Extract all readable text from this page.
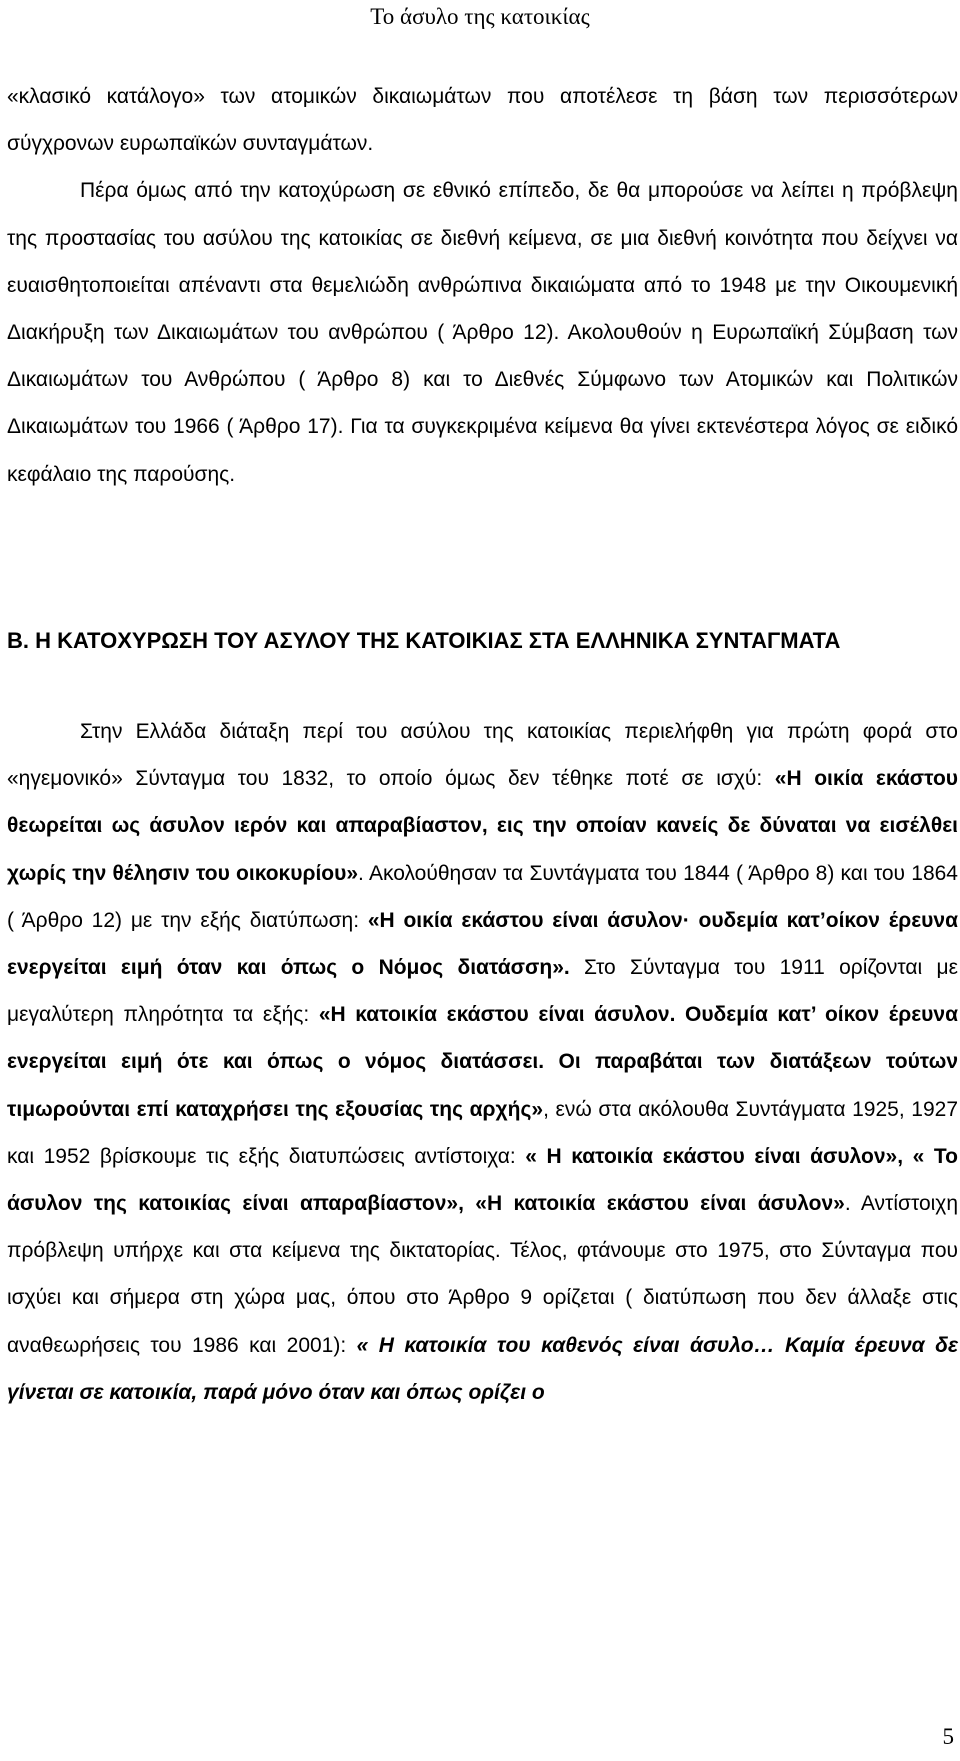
Το άσυλο της κατοικίας

«κλασικό κατάλογο» των ατομικών δικαιωμάτων που αποτέλεσε τη βάση των περισσότερων σύγχρονων ευρωπαϊκών συνταγμάτων.
Πέρα όμως από την κατοχύρωση σε εθνικό επίπεδο, δε θα μπορούσε να λείπει η πρόβλεψη της προστασίας του ασύλου της κατοικίας σε διεθνή κείμενα, σε μια διεθνή κοινότητα που δείχνει να ευαισθητοποιείται απέναντι στα θεμελιώδη ανθρώπινα δικαιώματα από το 1948 με την Οικουμενική Διακήρυξη των Δικαιωμάτων του ανθρώπου ( Άρθρο 12). Ακολουθούν η Ευρωπαϊκή Σύμβαση των Δικαιωμάτων του Ανθρώπου ( Άρθρο 8) και το Διεθνές Σύμφωνο των Ατομικών και Πολιτικών Δικαιωμάτων του 1966 ( Άρθρο 17). Για τα συγκεκριμένα κείμενα θα γίνει εκτενέστερα λόγος σε ειδικό κεφάλαιο της παρούσης.

Β. Η ΚΑΤΟΧΥΡΩΣΗ ΤΟΥ ΑΣΥΛΟΥ ΤΗΣ ΚΑΤΟΙΚΙΑΣ ΣΤΑ ΕΛΛΗΝΙΚΑ ΣΥΝΤΑΓΜΑΤΑ

Στην Ελλάδα διάταξη περί του ασύλου της κατοικίας περιελήφθη για πρώτη φορά στο «ηγεμονικό» Σύνταγμα του 1832, το οποίο όμως δεν τέθηκε ποτέ σε ισχύ: «Η οικία εκάστου θεωρείται ως άσυλον ιερόν και απαραβίαστον, εις την οποίαν κανείς δε δύναται να εισέλθει χωρίς την θέλησιν του οικοκυρίου». Ακολούθησαν τα Συντάγματα του 1844 ( Άρθρο 8) και του 1864 ( Άρθρο 12) με την εξής διατύπωση: «Η οικία εκάστου είναι άσυλον· ουδεμία κατ’οίκον έρευνα ενεργείται ειμή όταν και όπως ο Νόμος διατάσση». Στο Σύνταγμα του 1911 ορίζονται με μεγαλύτερη πληρότητα τα εξής: «Η κατοικία εκάστου είναι άσυλον. Ουδεμία κατ’ οίκον έρευνα ενεργείται ειμή ότε και όπως ο νόμος διατάσσει. Οι παραβάται των διατάξεων τούτων τιμωρούνται επί καταχρήσει της εξουσίας της αρχής», ενώ στα ακόλουθα Συντάγματα 1925, 1927 και 1952 βρίσκουμε τις εξής διατυπώσεις αντίστοιχα: « Η κατοικία εκάστου είναι άσυλον», « Το άσυλον της κατοικίας είναι απαραβίαστον», «Η κατοικία εκάστου είναι άσυλον». Αντίστοιχη πρόβλεψη υπήρχε και στα κείμενα της δικτατορίας. Τέλος, φτάνουμε στο 1975, στο Σύνταγμα που ισχύει και σήμερα στη χώρα μας, όπου στο Άρθρο 9 ορίζεται ( διατύπωση που δεν άλλαξε στις αναθεωρήσεις του 1986 και 2001): « Η κατοικία του καθενός είναι άσυλο… Καμία έρευνα δε γίνεται σε κατοικία, παρά μόνο όταν και όπως ορίζει ο

5
